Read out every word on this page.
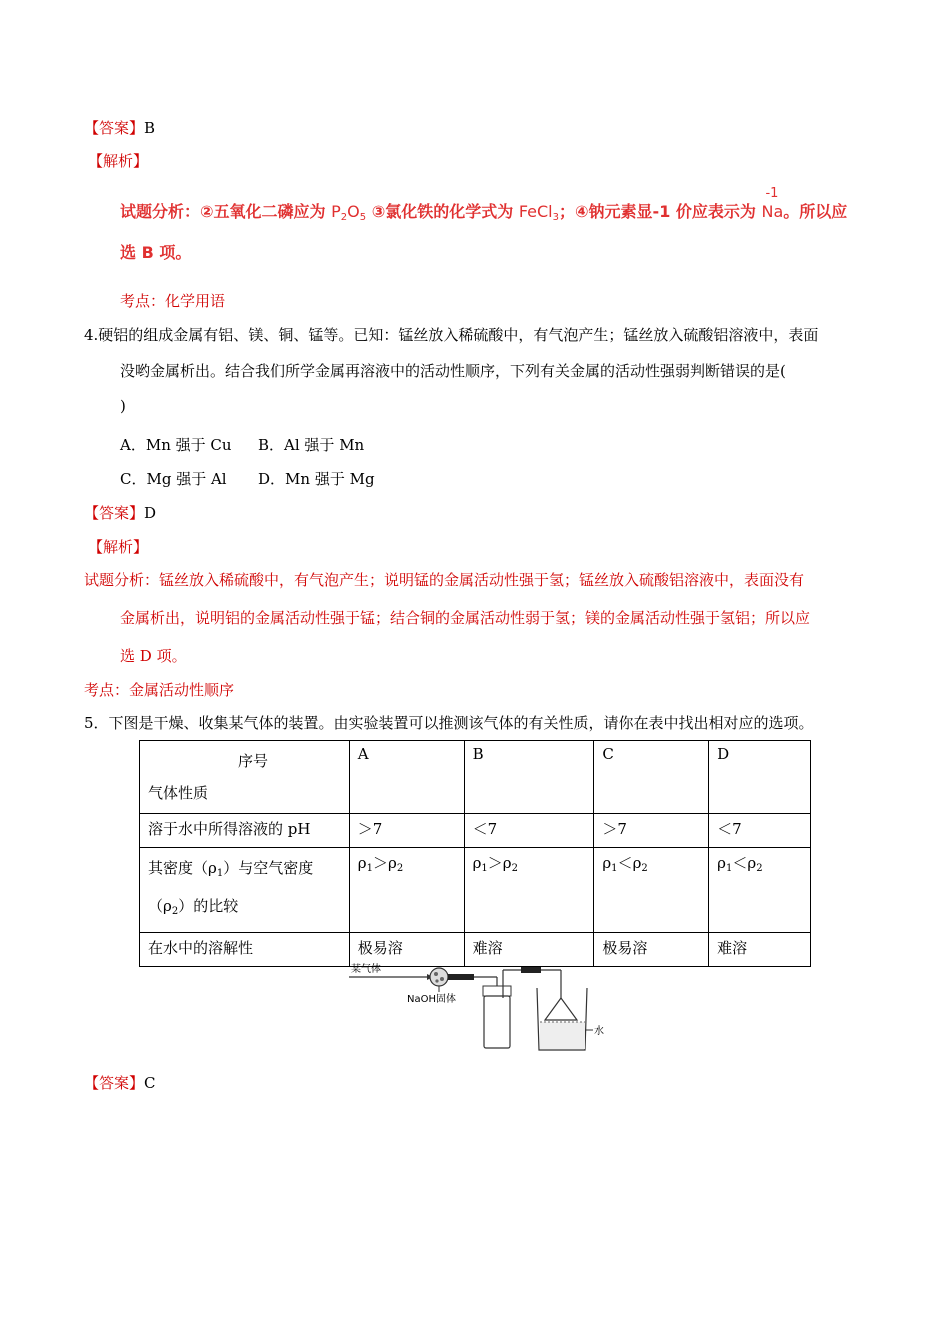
【答案】B
【解析】
试题分析：②五氧化二磷应为 $P_2O_5$ ③氯化铁的化学式为 FeCl$_3$；④钠元素显-1 价应表示为
-1
Na。所以应
选 B 项。
考点：化学用语
4.硬铝的组成金属有铝、镁、铜、锰等。已知：锰丝放入稀硫酸中，有气泡产生；锰丝放入硫酸铝溶液中，表面
没哟金属析出。结合我们所学金属再溶液中的活动性顺序，下列有关金属的活动性强弱判断错误的是(
)
A．Mn 强于 Cu B．Al 强于 Mn
C．Mg 强于 Al D．Mn 强于 Mg
【答案】D
【解析】
试题分析：锰丝放入稀硫酸中，有气泡产生；说明锰的金属活动性强于氢；锰丝放入硫酸铝溶液中，表面没有
金属析出，说明铝的金属活动性强于锰；结合铜的金属活动性弱于氢；镁的金属活动性强于氢铝；所以应
选 D 项。
考点：金属活动性顺序
5．下图是干燥、收集某气体的装置。由实验装置可以推测该气体的有关性质，请你在表中找出相对应的选项。
序号
气体性质	A	B	C	D
溶于水中所得溶液的 pH	＞7	＜7	＞7	＜7

其密度$(\rho_1)$与空气密度
$(\rho_2)$的比较	$\rho_1>\rho_2$	$\rho_1>\rho_2$	$\rho_1<\rho_2$	$\rho_1<\rho_2$
在水中的溶解性	极易溶	难溶	极易溶	难溶
某气体
NaOH固体
水
【答案】C
